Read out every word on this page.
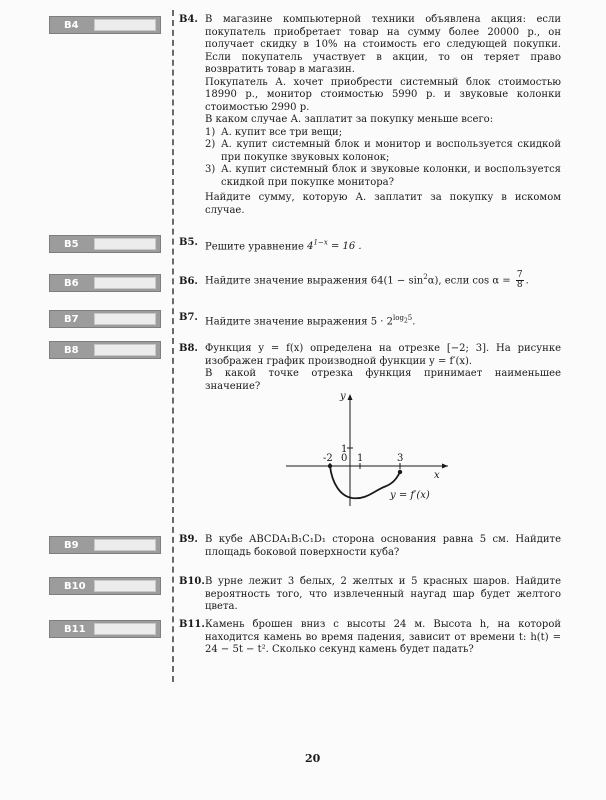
B4
B5
B6
B7
B8
B9
B10
B11
B4. В магазине компьютерной техники объявлена акция: если покупатель приобретает товар на сумму более 20000 р., он получает скидку в 10% на стоимость его следующей покупки. Если покупатель участвует в акции, то он теряет право возвратить товар в магазин.

Покупатель А. хочет приобрести системный блок стоимостью 18990 р., монитор стоимостью 5990 р. и звуковые колонки стоимостью 2990 р.

В каком случае А. заплатит за покупку меньше всего:

1) А. купит все три вещи;
2) А. купит системный блок и монитор и воспользуется скидкой при покупке звуковых колонок;
3) А. купит системный блок и звуковые колонки, и воспользуется скидкой при покупке монитора?

Найдите сумму, которую А. заплатит за покупку в искомом случае.

B5. Решите уравнение $4^{1-x} = 16$ .
B6. Найдите значение выражения $64(1 - \sin^2\alpha)$, если $\cos \alpha = \frac{7}{8}$ .
B7. Найдите значение выражения $5 \cdot 2^{log_25}$.
B8. Функция y = f(x) определена на отрезке [−2; 3]. На рисунке изображен график производной функции y = f′(x).

В какой точке отрезка функция принимает наименьшее значение?

y
x
0
1
-2 1	3
y = f′(x)
B9. В кубе ABCDA₁B₁C₁D₁ сторона основания равна 5 см. Найдите площадь боковой поверхности куба?

B10. В урне лежит 3 белых, 2 желтых и 5 красных шаров. Найдите вероятность того, что извлеченный наугад шар будет желтого цвета.

B11. Камень брошен вниз с высоты 24 м. Высота h, на которой находится камень во время падения, зависит от времени t: h(t) = 24 − 5t − t². Сколько секунд камень будет падать?

20
